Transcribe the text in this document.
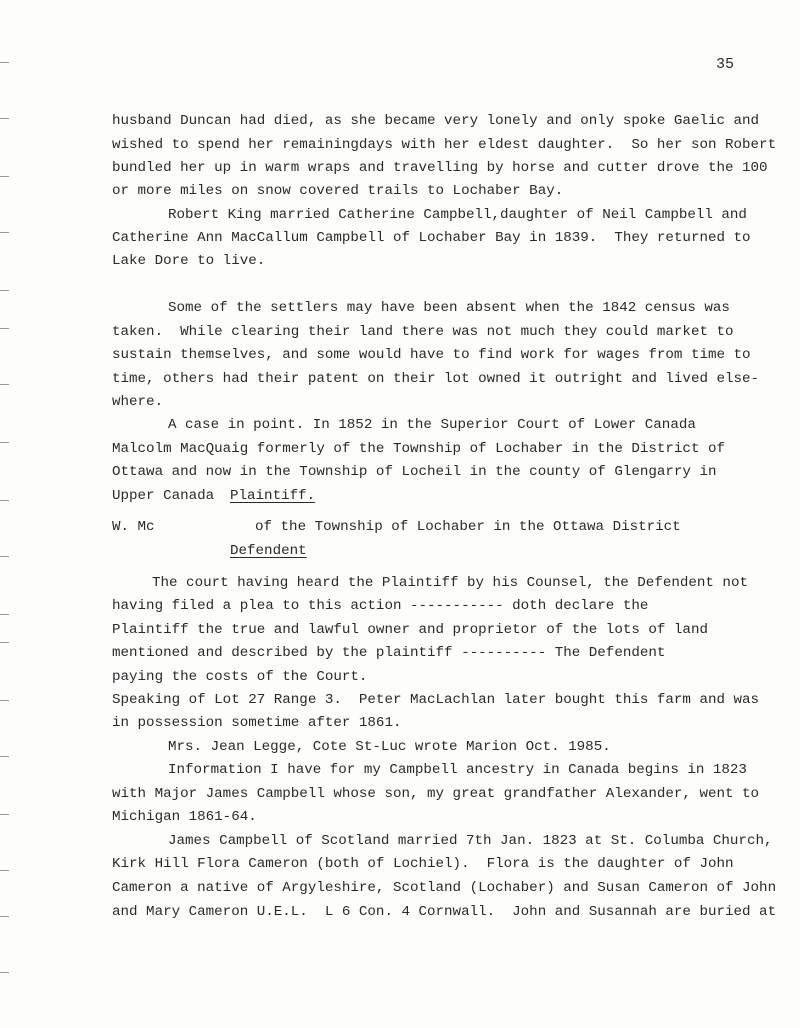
35
husband Duncan had died, as she became very lonely and only spoke Gaelic and
wished to spend her remainingdays with her eldest daughter.  So her son Robert
bundled her up in warm wraps and travelling by horse and cutter drove the 100
or more miles on snow covered trails to Lochaber Bay.
Robert King married Catherine Campbell,daughter of Neil Campbell and
Catherine Ann MacCallum Campbell of Lochaber Bay in 1839.  They returned to
Lake Dore to live.
Some of the settlers may have been absent when the 1842 census was
taken.  While clearing their land there was not much they could market to
sustain themselves, and some would have to find work for wages from time to
time, others had their patent on their lot owned it outright and lived else-
where.
A case in point. In 1852 in the Superior Court of Lower Canada
Malcolm MacQuaig formerly of the Township of Lochaber in the District of
Ottawa and now in the Township of Locheil in the county of Glengarry in
Upper Canada
Plaintiff.
W. Mc	of the Township of Lochaber in the Ottawa District
Defendent
The court having heard the Plaintiff by his Counsel, the Defendent not
having filed a plea to this action ----------- doth declare the
Plaintiff the true and lawful owner and proprietor of the lots of land
mentioned and described by the plaintiff ---------- The Defendent
paying the costs of the Court.
Speaking of Lot 27 Range 3.  Peter MacLachlan later bought this farm and was
in possession sometime after 1861.
Mrs. Jean Legge, Cote St-Luc wrote Marion Oct. 1985.
Information I have for my Campbell ancestry in Canada begins in 1823
with Major James Campbell whose son, my great grandfather Alexander, went to
Michigan 1861-64.
James Campbell of Scotland married 7th Jan. 1823 at St. Columba Church,
Kirk Hill Flora Cameron (both of Lochiel).  Flora is the daughter of John
Cameron a native of Argyleshire, Scotland (Lochaber) and Susan Cameron of John
and Mary Cameron U.E.L.  L 6 Con. 4 Cornwall.  John and Susannah are buried at
